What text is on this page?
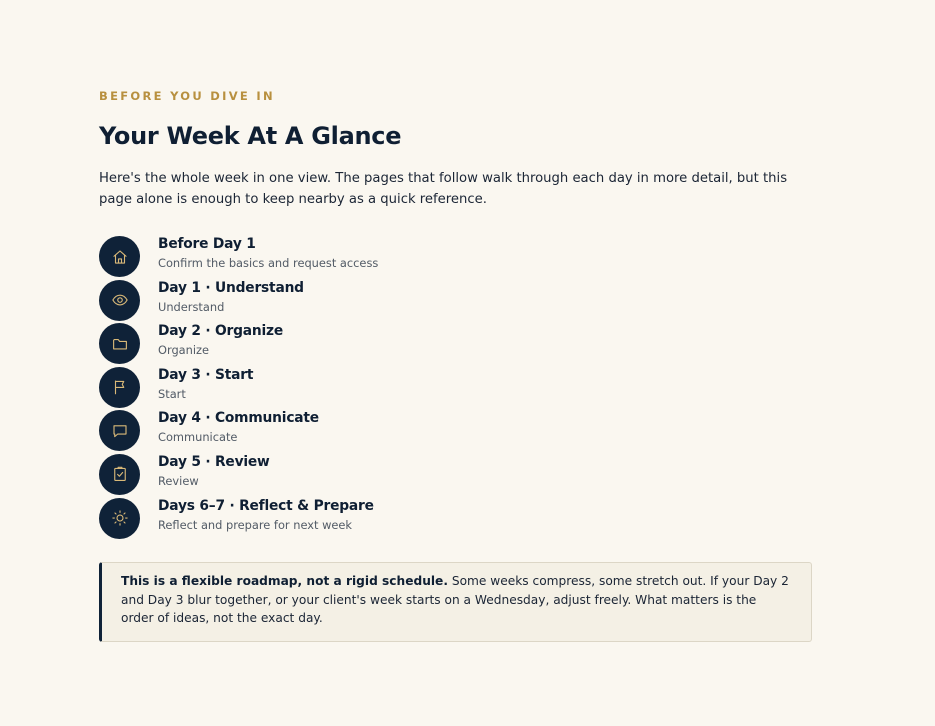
BEFORE YOU DIVE IN

Your Week At A Glance

Here's the whole week in one view. The pages that follow walk through each day in more detail, but this page alone is enough to keep nearby as a quick reference.

Before Day 1
Confirm the basics and request access
Day 1 · Understand
Understand
Day 2 · Organize
Organize
Day 3 · Start
Start
Day 4 · Communicate
Communicate
Day 5 · Review
Review
Days 6–7 · Reflect & Prepare
Reflect and prepare for next week
This is a flexible roadmap, not a rigid schedule. Some weeks compress, some stretch out. If your Day 2 and Day 3 blur together, or your client's week starts on a Wednesday, adjust freely. What matters is the order of ideas, not the exact day.
